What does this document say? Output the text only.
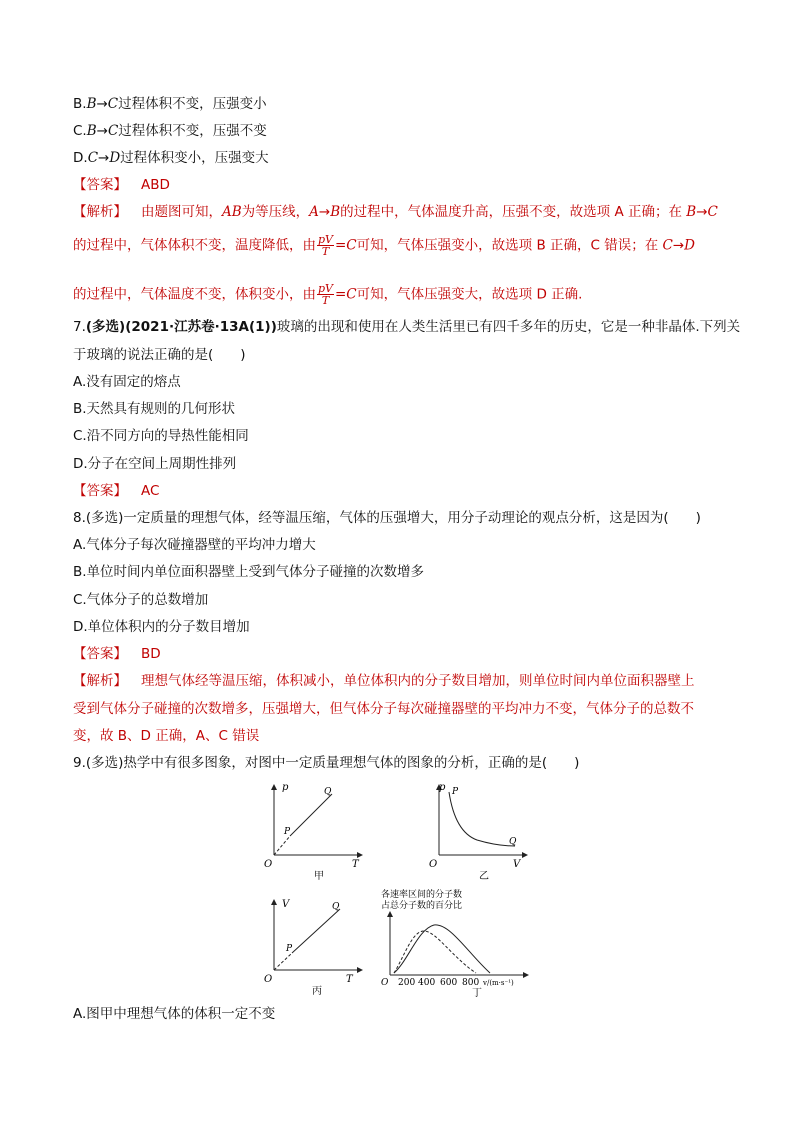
B.B→C过程体积不变，压强变小
C.B→C过程体积不变，压强不变
D.C→D过程体积变小，压强变大
【答案】 ABD
【解析】 由题图可知，AB为等压线，A→B的过程中，气体温度升高，压强不变，故选项 A 正确；在 B→C
的过程中，气体体积不变，温度降低，由 $\frac{pV}{T} =C$可知，气体压强变小，故选项 B 正确，C 错误；在 C→D
的过程中，气体温度不变，体积变小，由 $\frac{pV}{T} =C$可知，气体压强变大，故选项 D 正确.
7.(多选)(2021·江苏卷·13A(1))玻璃的出现和使用在人类生活里已有四千多年的历史，它是一种非晶体.下列关
于玻璃的说法正确的是(　　)
A.没有固定的熔点
B.天然具有规则的几何形状
C.沿不同方向的导热性能相同
D.分子在空间上周期性排列
【答案】 AC
8.(多选)一定质量的理想气体，经等温压缩，气体的压强增大，用分子动理论的观点分析，这是因为(　　)
A.气体分子每次碰撞器壁的平均冲力增大
B.单位时间内单位面积器壁上受到气体分子碰撞的次数增多
C.气体分子的总数增加
D.单位体积内的分子数目增加
【答案】 BD
【解析】 理想气体经等温压缩，体积减小，单位体积内的分子数目增加，则单位时间内单位面积器壁上
受到气体分子碰撞的次数增多，压强增大，但气体分子每次碰撞器壁的平均冲力不变，气体分子的总数不
变，故 B、D 正确，A、C 错误
9.(多选)热学中有很多图象，对图中一定质量理想气体的图象的分析，正确的是(　　)
p
T
O
P
Q
甲
p
V
O
P
Q
乙
V
T
O
P
Q
丙
各速率区间的分子数
占总分子数的百分比
O 200 400 600 800 v/(m·s⁻¹)
丁
A.图甲中理想气体的体积一定不变
